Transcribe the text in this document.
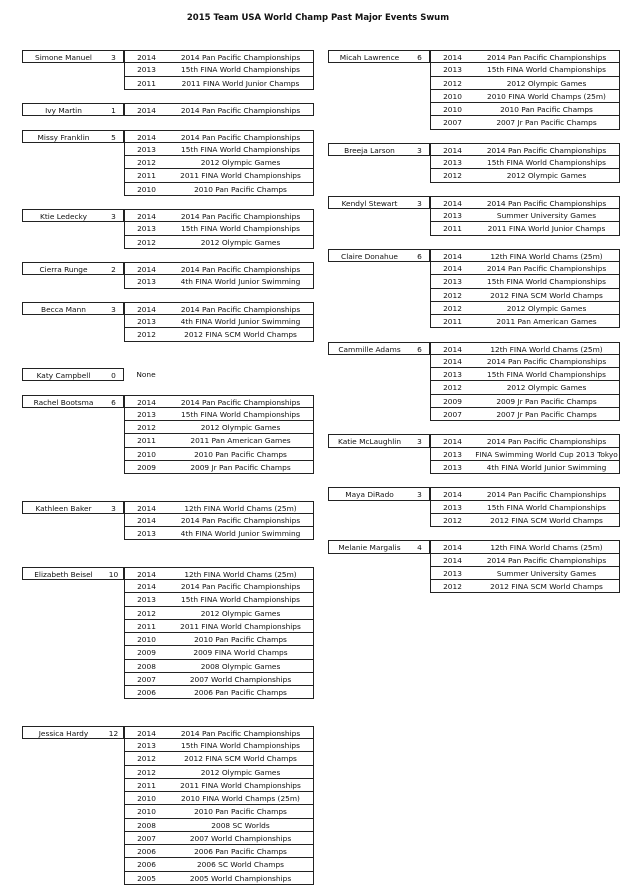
2015 Team USA World Champ Past Major Events Swum
Simone Manuel	3	2014	2014 Pan Pacific Championships
2013	15th FINA World Championships
2011	2011 FINA World Junior Champs
Ivy Martin	1	2014	2014 Pan Pacific Championships
Missy Franklin	5	2014	2014 Pan Pacific Championships
2013	15th FINA World Championships
2012	2012 Olympic Games
2011	2011 FINA World Championships
2010	2010 Pan Pacific Champs
Ktie Ledecky	3	2014	2014 Pan Pacific Championships
2013	15th FINA World Championships
2012	2012 Olympic Games
Cierra Runge	2	2014	2014 Pan Pacific Championships
2013	4th FINA World Junior Swimming
Becca Mann	3	2014	2014 Pan Pacific Championships
2013	4th FINA World Junior Swimming
2012	2012 FINA SCM World Champs
Katy Campbell	0	None
Rachel Bootsma	6	2014	2014 Pan Pacific Championships
2013	15th FINA World Championships
2012	2012 Olympic Games
2011	2011 Pan American Games
2010	2010 Pan Pacific Champs
2009	2009 Jr Pan Pacific Champs
Kathleen Baker	3	2014	12th FINA World Chams (25m)
2014	2014 Pan Pacific Championships
2013	4th FINA World Junior Swimming
Elizabeth Beisel	10	2014	12th FINA World Chams (25m)
2014	2014 Pan Pacific Championships
2013	15th FINA World Championships
2012	2012 Olympic Games
2011	2011 FINA World Championships
2010	2010 Pan Pacific Champs
2009	2009 FINA World Champs
2008	2008 Olympic Games
2007	2007 World Championships
2006	2006 Pan Pacific Champs
Jessica Hardy	12	2014	2014 Pan Pacific Championships
2013	15th FINA World Championships
2012	2012 FINA SCM World Champs
2012	2012 Olympic Games
2011	2011 FINA World Championships
2010	2010 FINA World Champs (25m)
2010	2010 Pan Pacific Champs
2008	2008 SC Worlds
2007	2007 World Championships
2006	2006 Pan Pacific Champs
2006	2006 SC World Champs
2005	2005 World Championships
Micah Lawrence	6	2014	2014 Pan Pacific Championships
2013	15th FINA World Championships
2012	2012 Olympic Games
2010	2010 FINA World Champs (25m)
2010	2010 Pan Pacific Champs
2007	2007 Jr Pan Pacific Champs
Breeja Larson	3	2014	2014 Pan Pacific Championships
2013	15th FINA World Championships
2012	2012 Olympic Games
Kendyl Stewart	3	2014	2014 Pan Pacific Championships
2013	Summer University Games
2011	2011 FINA World Junior Champs
Claire Donahue	6	2014	12th FINA World Chams (25m)
2014	2014 Pan Pacific Championships
2013	15th FINA World Championships
2012	2012 FINA SCM World Champs
2012	2012 Olympic Games
2011	2011 Pan American Games
Cammille Adams	6	2014	12th FINA World Chams (25m)
2014	2014 Pan Pacific Championships
2013	15th FINA World Championships
2012	2012 Olympic Games
2009	2009 Jr Pan Pacific Champs
2007	2007 Jr Pan Pacific Champs
Katie McLaughlin	3	2014	2014 Pan Pacific Championships
2013	FINA Swimming World Cup 2013 Tokyo
2013	4th FINA World Junior Swimming
Maya DiRado	3	2014	2014 Pan Pacific Championships
2013	15th FINA World Championships
2012	2012 FINA SCM World Champs
Melanie Margalis	4	2014	12th FINA World Chams (25m)
2014	2014 Pan Pacific Championships
2013	Summer University Games
2012	2012 FINA SCM World Champs
